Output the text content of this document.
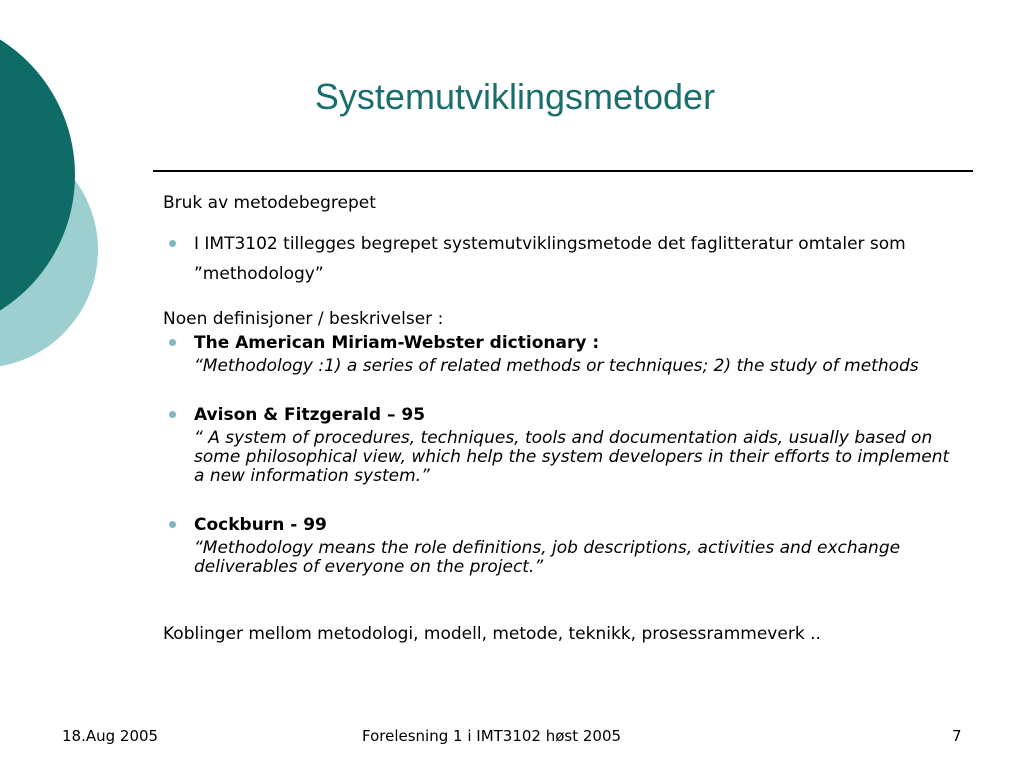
Systemutviklingsmetoder

Bruk av metodebegrepet

I IMT3102 tillegges begrepet systemutviklingsmetode det faglitteratur omtaler som ”methodology”

Noen definisjoner / beskrivelser :

The American Miriam-Webster dictionary :

“Methodology :1) a series of related methods or techniques; 2) the study of methods

Avison & Fitzgerald – 95

“ A system of procedures, techniques, tools and documentation aids, usually based on some philosophical view, which help the system developers in their efforts to implement a new information system.”

Cockburn - 99

“Methodology means the role definitions, job descriptions, activities and exchange deliverables of everyone on the project.”

Koblinger mellom metodologi, modell, metode, teknikk, prosessrammeverk ..

18.Aug 2005	Forelesning 1 i IMT3102 høst 2005	7
